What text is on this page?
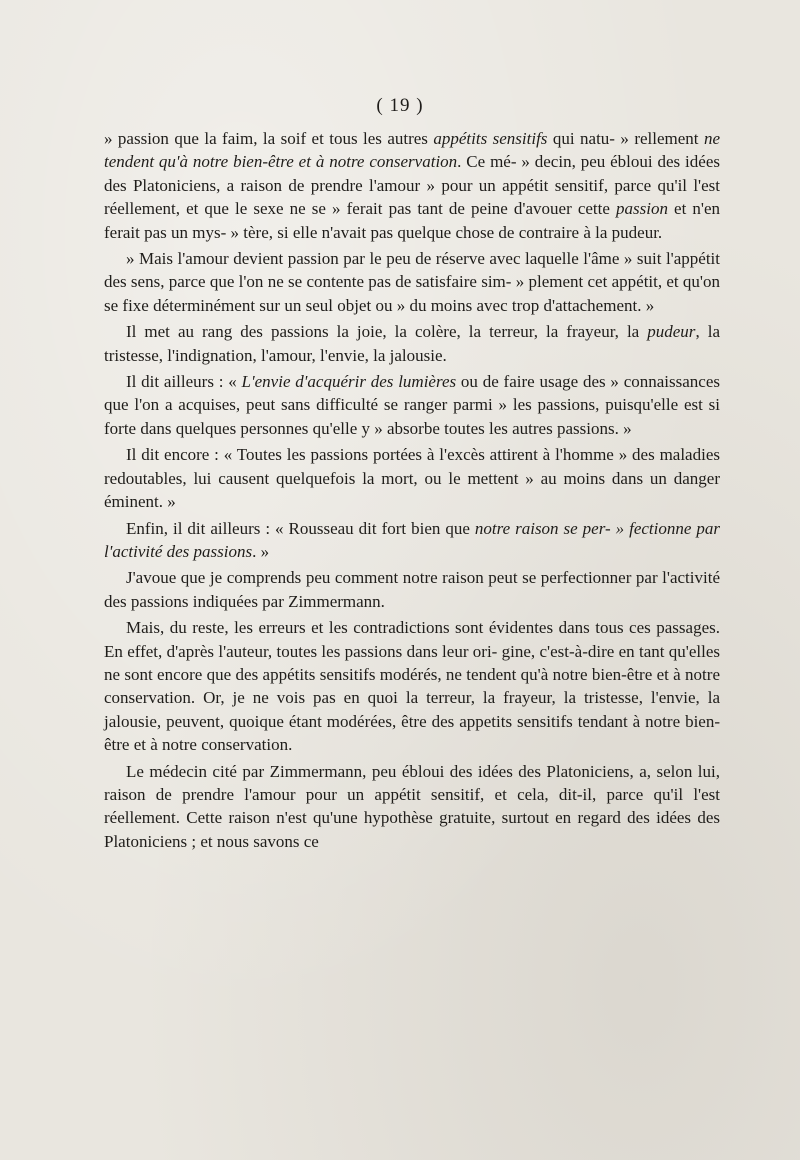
( 19 )

» passion que la faim, la soif et tous les autres appétits sensitifs qui natu- » rellement ne tendent qu'à notre bien-être et à notre conservation. Ce mé- » decin, peu ébloui des idées des Platoniciens, a raison de prendre l'amour » pour un appétit sensitif, parce qu'il l'est réellement, et que le sexe ne se » ferait pas tant de peine d'avouer cette passion et n'en ferait pas un mys- » tère, si elle n'avait pas quelque chose de contraire à la pudeur.

» Mais l'amour devient passion par le peu de réserve avec laquelle l'âme » suit l'appétit des sens, parce que l'on ne se contente pas de satisfaire sim- » plement cet appétit, et qu'on se fixe déterminément sur un seul objet ou » du moins avec trop d'attachement. »

Il met au rang des passions la joie, la colère, la terreur, la frayeur, la pudeur, la tristesse, l'indignation, l'amour, l'envie, la jalousie.

Il dit ailleurs : « L'envie d'acquérir des lumières ou de faire usage des » connaissances que l'on a acquises, peut sans difficulté se ranger parmi » les passions, puisqu'elle est si forte dans quelques personnes qu'elle y » absorbe toutes les autres passions. »

Il dit encore : « Toutes les passions portées à l'excès attirent à l'homme » des maladies redoutables, lui causent quelquefois la mort, ou le mettent » au moins dans un danger éminent. »

Enfin, il dit ailleurs : « Rousseau dit fort bien que notre raison se per- » fectionne par l'activité des passions. »

J'avoue que je comprends peu comment notre raison peut se perfectionner par l'activité des passions indiquées par Zimmermann.

Mais, du reste, les erreurs et les contradictions sont évidentes dans tous ces passages. En effet, d'après l'auteur, toutes les passions dans leur ori- gine, c'est-à-dire en tant qu'elles ne sont encore que des appétits sensitifs modérés, ne tendent qu'à notre bien-être et à notre conservation. Or, je ne vois pas en quoi la terreur, la frayeur, la tristesse, l'envie, la jalousie, peuvent, quoique étant modérées, être des appetits sensitifs tendant à notre bien-être et à notre conservation.

Le médecin cité par Zimmermann, peu ébloui des idées des Platoniciens, a, selon lui, raison de prendre l'amour pour un appétit sensitif, et cela, dit-il, parce qu'il l'est réellement. Cette raison n'est qu'une hypothèse gratuite, surtout en regard des idées des Platoniciens ; et nous savons ce
